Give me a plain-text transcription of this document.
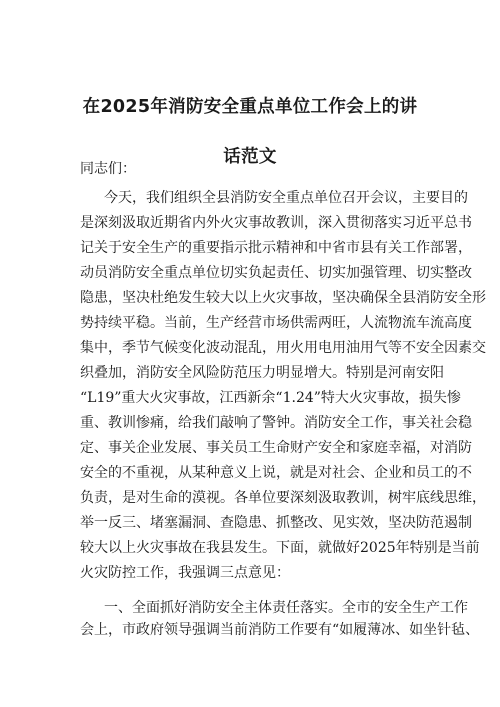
在2025年消防安全重点单位工作会上的讲
话范文
同志们：
今天，我们组织全县消防安全重点单位召开会议，主要目的
是深刻汲取近期省内外火灾事故教训，深入贯彻落实习近平总书
记关于安全生产的重要指示批示精神和中省市县有关工作部署，
动员消防安全重点单位切实负起责任、切实加强管理、切实整改
隐患，坚决杜绝发生较大以上火灾事故，坚决确保全县消防安全形
势持续平稳。当前，生产经营市场供需两旺，人流物流车流高度
集中，季节气候变化波动混乱，用火用电用油用气等不安全因素交
织叠加，消防安全风险防范压力明显增大。特别是河南安阳
“L19”重大火灾事故，江西新余“1.24”特大火灾事故，损失惨
重、教训惨痛，给我们敲响了警钟。消防安全工作，事关社会稳
定、事关企业发展、事关员工生命财产安全和家庭幸福，对消防
安全的不重视，从某种意义上说，就是对社会、企业和员工的不
负责，是对生命的漠视。各单位要深刻汲取教训，树牢底线思维，
举一反三、堵塞漏洞、查隐患、抓整改、见实效，坚决防范遏制
较大以上火灾事故在我县发生。下面，就做好2025年特别是当前
火灾防控工作，我强调三点意见：
一、全面抓好消防安全主体责任落实。全市的安全生产工作
会上，市政府领导强调当前消防工作要有“如履薄冰、如坐针毡、
